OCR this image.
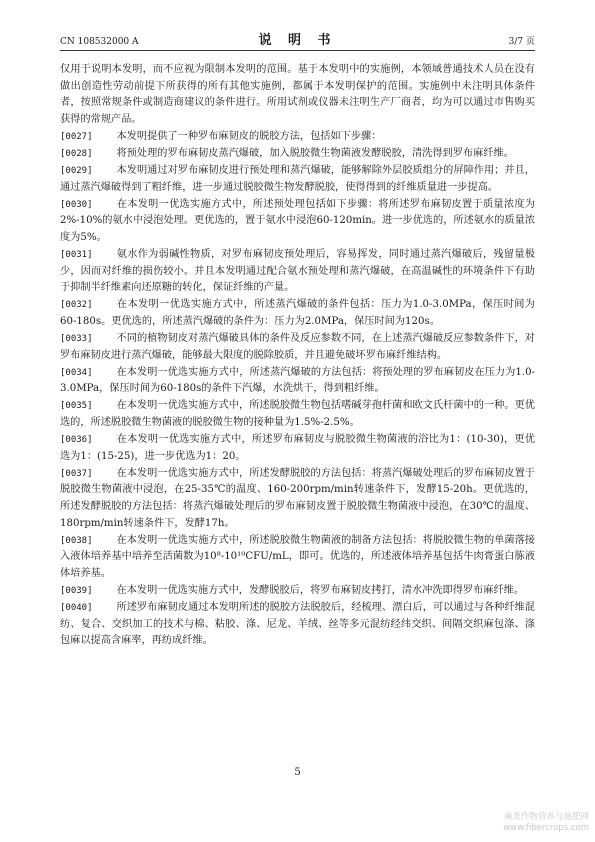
CN 108532000 A	说 明 书	3/7 页
仅用于说明本发明，而不应视为限制本发明的范围。基于本发明中的实施例，本领域普通技术人员在没有做出创造性劳动前提下所获得的所有其他实施例，都属于本发明保护的范围。实施例中未注明具体条件者，按照常规条件或制造商建议的条件进行。所用试剂或仪器未注明生产厂商者，均为可以通过市售购买获得的常规产品。
[0027] 本发明提供了一种罗布麻韧皮的脱胶方法，包括如下步骤：
[0028] 将预处理的罗布麻韧皮蒸汽爆破，加入脱胶微生物菌液发酵脱胶，清洗得到罗布麻纤维。
[0029] 本发明通过对罗布麻韧皮进行预处理和蒸汽爆破，能够解除外层胶质组分的屏障作用；并且，通过蒸汽爆破得到了粗纤维，进一步通过脱胶微生物发酵脱胶，使得得到的纤维质量进一步提高。
[0030] 在本发明一优选实施方式中，所述预处理包括如下步骤：将所述罗布麻韧皮置于质量浓度为2%-10%的氨水中浸泡处理。更优选的，置于氨水中浸泡60-120min。进一步优选的，所述氨水的质量浓度为5%。
[0031] 氨水作为弱碱性物质，对罗布麻韧皮预处理后，容易挥发，同时通过蒸汽爆破后，残留量极少，因而对纤维的损伤较小。并且本发明通过配合氨水预处理和蒸汽爆破，在高温碱性的环境条件下有助于抑制半纤维素向还原糖的转化，保证纤维的产量。
[0032] 在本发明一优选实施方式中，所述蒸汽爆破的条件包括：压力为1.0-3.0MPa，保压时间为60-180s。更优选的，所述蒸汽爆破的条件为：压力为2.0MPa，保压时间为120s。
[0033] 不同的植物韧皮对蒸汽爆破具体的条件及反应参数不同，在上述蒸汽爆破反应参数条件下，对罗布麻韧皮进行蒸汽爆破，能够最大限度的脱除胶质，并且避免破坏罗布麻纤维结构。
[0034] 在本发明一优选实施方式中，所述蒸汽爆破的方法包括：将预处理的罗布麻韧皮在压力为1.0-3.0MPa，保压时间为60-180s的条件下汽爆，水洗烘干，得到粗纤维。
[0035] 在本发明一优选实施方式中，所述脱胶微生物包括嗜碱芽孢杆菌和欧文氏杆菌中的一种。更优选的，所述脱胶微生物菌液的脱胶微生物的接种量为1.5%-2.5%。
[0036] 在本发明一优选实施方式中，所述罗布麻韧皮与脱胶微生物菌液的浴比为1：(10-30)，更优选为1：(15-25)，进一步优选为1：20。
[0037] 在本发明一优选实施方式中，所述发酵脱胶的方法包括：将蒸汽爆破处理后的罗布麻韧皮置于脱胶微生物菌液中浸泡，在25-35℃的温度、160-200rpm/min转速条件下，发酵15-20h。更优选的，所述发酵脱胶的方法包括：将蒸汽爆破处理后的罗布麻韧皮置于脱胶微生物菌液中浸泡，在30℃的温度、180rpm/min转速条件下，发酵17h。
[0038] 在本发明一优选实施方式中，所述脱胶微生物菌液的制备方法包括：将脱胶微生物的单菌落接入液体培养基中培养至活菌数为10⁸-10¹⁰CFU/mL，即可。优选的，所述液体培养基包括牛肉膏蛋白胨液体培养基。
[0039] 在本发明一优选实施方式中，发酵脱胶后，将罗布麻韧皮拷打，清水冲洗即得罗布麻纤维。
[0040] 所述罗布麻韧皮通过本发明所述的脱胶方法脱胶后，经梳理、漂白后，可以通过与各种纤维混纺、复合、交织加工的技术与棉、粘胶、涤、尼龙、羊绒、丝等多元混纺经纬交织、间隔交织麻包涤、涤包麻以提高含麻率，再纺成纤维。
5
麻类作物营养与施肥网
www.fibercrops.com
